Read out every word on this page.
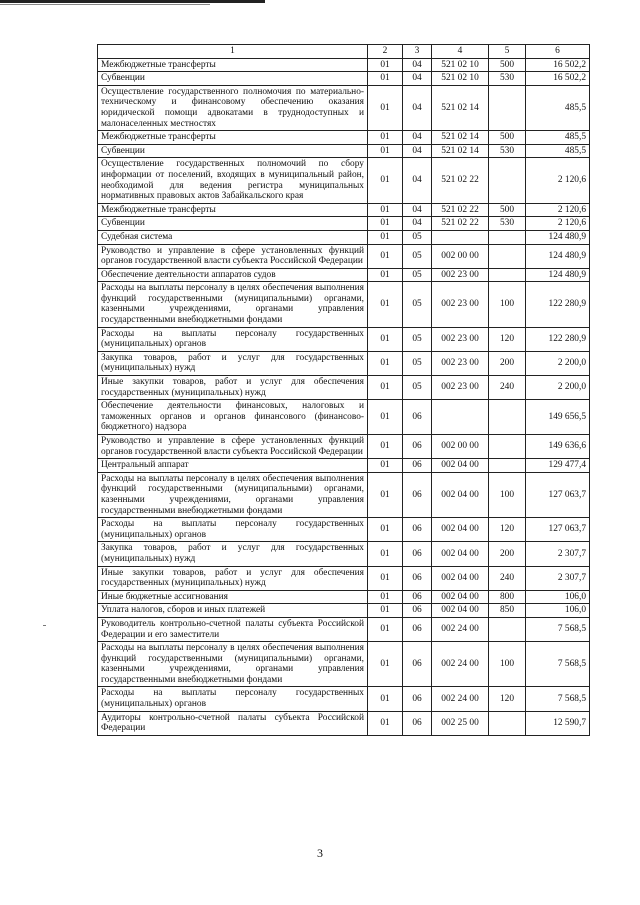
1	2	3	4	5	6
Межбюджетные трансферты	01	04	521 02 10	500	16 502,2
Субвенции	01	04	521 02 10	530	16 502,2
Осуществление государственного полномочия по материально-техническому и финансовому обеспечению оказания юридической помощи адвокатами в труднодоступных и малонаселенных местностях	01	04	521 02 14		485,5
Межбюджетные трансферты	01	04	521 02 14	500	485,5
Субвенции	01	04	521 02 14	530	485,5
Осуществление государственных полномочий по сбору информации от поселений, входящих в муниципальный район, необходимой для ведения регистра муниципальных нормативных правовых актов Забайкальского края	01	04	521 02 22		2 120,6
Межбюджетные трансферты	01	04	521 02 22	500	2 120,6
Субвенции	01	04	521 02 22	530	2 120,6
Судебная система	01	05			124 480,9
Руководство и управление в сфере установленных функций органов государственной власти субъекта Российской Федерации	01	05	002 00 00		124 480,9
Обеспечение деятельности аппаратов судов	01	05	002 23 00		124 480,9
Расходы на выплаты персоналу в целях обеспечения выполнения функций государственными (муниципальными) органами, казенными учреждениями, органами управления государственными внебюджетными фондами	01	05	002 23 00	100	122 280,9
Расходы на выплаты персоналу государственных (муниципальных) органов	01	05	002 23 00	120	122 280,9
Закупка товаров, работ и услуг для государственных (муниципальных) нужд	01	05	002 23 00	200	2 200,0
Иные закупки товаров, работ и услуг для обеспечения государственных (муниципальных) нужд	01	05	002 23 00	240	2 200,0
Обеспечение деятельности финансовых, налоговых и таможенных органов и органов финансового (финансово-бюджетного) надзора	01	06			149 656,5
Руководство и управление в сфере установленных функций органов государственной власти субъекта Российской Федерации	01	06	002 00 00		149 636,6
Центральный аппарат	01	06	002 04 00		129 477,4
Расходы на выплаты персоналу в целях обеспечения выполнения функций государственными (муниципальными) органами, казенными учреждениями, органами управления государственными внебюджетными фондами	01	06	002 04 00	100	127 063,7
Расходы на выплаты персоналу государственных (муниципальных) органов	01	06	002 04 00	120	127 063,7
Закупка товаров, работ и услуг для государственных (муниципальных) нужд	01	06	002 04 00	200	2 307,7
Иные закупки товаров, работ и услуг для обеспечения государственных (муниципальных) нужд	01	06	002 04 00	240	2 307,7
Иные бюджетные ассигнования	01	06	002 04 00	800	106,0
Уплата налогов, сборов и иных платежей	01	06	002 04 00	850	106,0
Руководитель контрольно-счетной палаты субъекта Российской Федерации и его заместители	01	06	002 24 00		7 568,5
Расходы на выплаты персоналу в целях обеспечения выполнения функций государственными (муниципальными) органами, казенными учреждениями, органами управления государственными внебюджетными фондами	01	06	002 24 00	100	7 568,5
Расходы на выплаты персоналу государственных (муниципальных) органов	01	06	002 24 00	120	7 568,5
Аудиторы контрольно-счетной палаты субъекта Российской Федерации	01	06	002 25 00		12 590,7
3
